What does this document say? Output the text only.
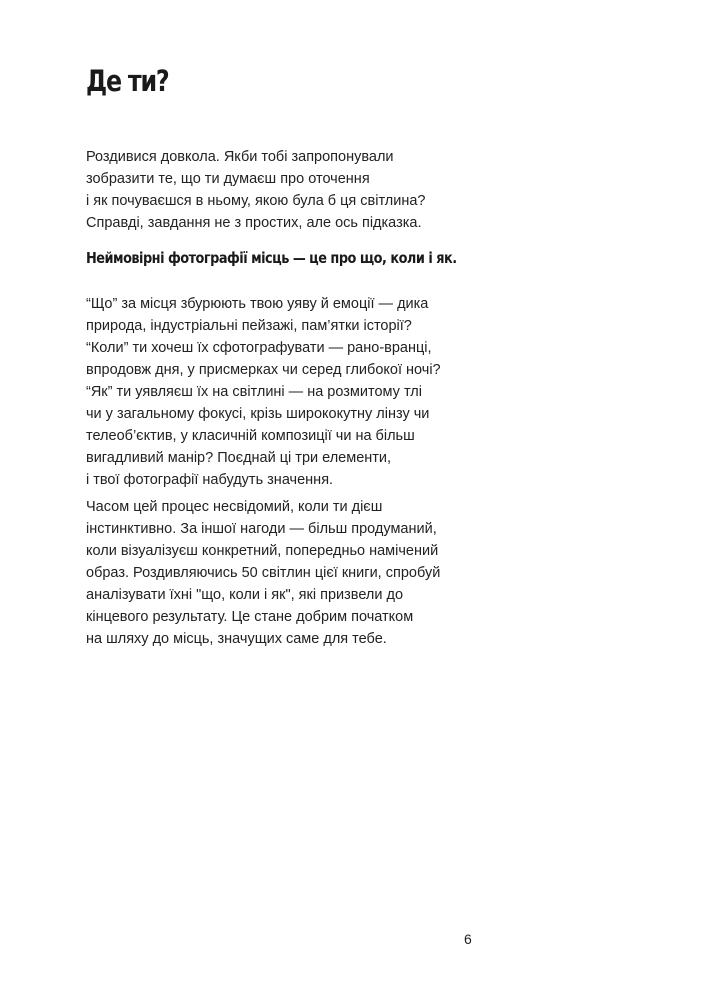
Де ти?

Роздивися довкола. Якби тобі запропонували
зобразити те, що ти думаєш про оточення
і як почуваєшся в ньому, якою була б ця світлина?
Справді, завдання не з простих, але ось підказка.

Неймовірні фотографії місць — це про що, коли і як.

“Що” за місця збурюють твою уяву й емоції — дика
природа, індустріальні пейзажі, пам’ятки історії?
“Коли” ти хочеш їх сфотографувати — рано-вранці,
впродовж дня, у присмерках чи серед глибокої ночі?
“Як” ти уявляєш їх на світлині — на розмитому тлі
чи у загальному фокусі, крізь ширококутну лінзу чи
телеоб’єктив, у класичній композиції чи на більш
вигадливий манір? Поєднай ці три елементи,
і твої фотографії набудуть значення.

Часом цей процес несвідомий, коли ти дієш
інстинктивно. За іншої нагоди — більш продуманий,
коли візуалізуєш конкретний, попередньо намічений
образ. Роздивляючись 50 світлин цієї книги, спробуй
аналізувати їхні "що, коли і як", які призвели до
кінцевого результату. Це стане добрим початком
на шляху до місць, значущих саме для тебе.

6
